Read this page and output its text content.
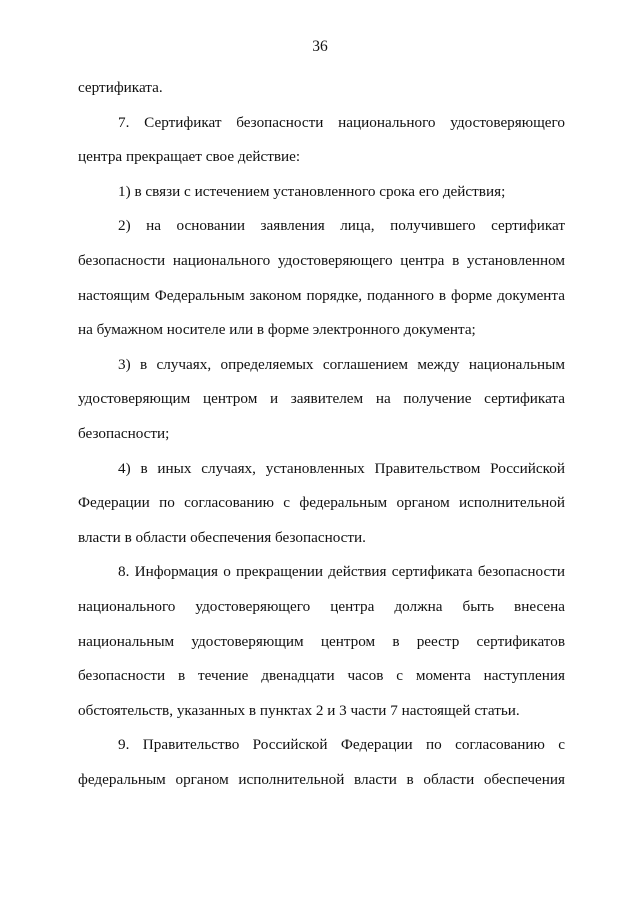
36
сертификата.
7. Сертификат безопасности национального удостоверяющего
центра прекращает свое действие:
1) в связи с истечением установленного срока его действия;
2) на основании заявления лица, получившего сертификат
безопасности национального удостоверяющего центра в установленном
настоящим Федеральным законом порядке, поданного в форме документа
на бумажном носителе или в форме электронного документа;
3) в случаях, определяемых соглашением между национальным
удостоверяющим центром и заявителем на получение сертификата
безопасности;
4) в иных случаях, установленных Правительством Российской
Федерации по согласованию с федеральным органом исполнительной
власти в области обеспечения безопасности.
8. Информация о прекращении действия сертификата безопасности
национального удостоверяющего центра должна быть внесена
национальным удостоверяющим центром в реестр сертификатов
безопасности в течение двенадцати часов с момента наступления
обстоятельств, указанных в пунктах 2 и 3 части 7 настоящей статьи.
9. Правительство Российской Федерации по согласованию с
федеральным органом исполнительной власти в области обеспечения
